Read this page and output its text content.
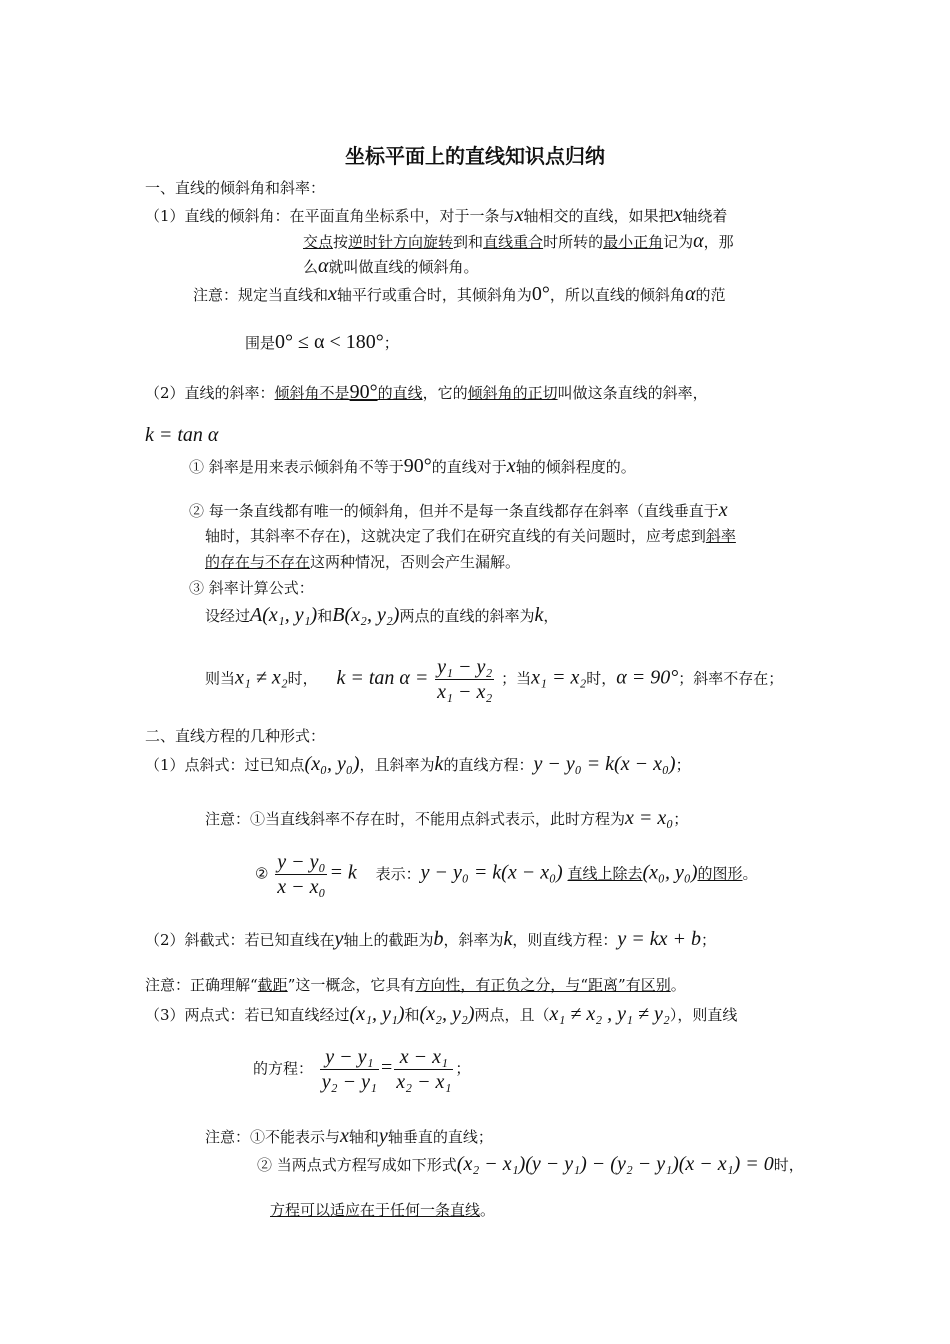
坐标平面上的直线知识点归纳
一、直线的倾斜角和斜率：
（1）直线的倾斜角：在平面直角坐标系中，对于一条与x轴相交的直线，如果把x轴绕着
交点按逆时针方向旋转到和直线重合时所转的最小正角记为α，那
么α就叫做直线的倾斜角。
注意：规定当直线和x轴平行或重合时，其倾斜角为0°，所以直线的倾斜角α的范
围是0° ≤ α < 180°；
（2）直线的斜率：倾斜角不是90°的直线，它的倾斜角的正切叫做这条直线的斜率，
k = tan α
① 斜率是用来表示倾斜角不等于90°的直线对于x轴的倾斜程度的。
② 每一条直线都有唯一的倾斜角，但并不是每一条直线都存在斜率（直线垂直于x
轴时，其斜率不存在)，这就决定了我们在研究直线的有关问题时，应考虑到斜率
的存在与不存在这两种情况，否则会产生漏解。
③ 斜率计算公式：
设经过A(x₁, y₁)和B(x₂, y₂)两点的直线的斜率为k，
则当x₁ ≠ x₂时， $k = \tan \alpha = \frac{\text{y₁ − y₂}}{\text{x₁ − x₂}}$ ；当x₁ = x₂时，α = 90°；斜率不存在；
二、直线方程的几种形式：
（1）点斜式：过已知点(x₀, y₀)，且斜率为k的直线方程：y − y₀ = k(x − x₀)；
注意：①当直线斜率不存在时，不能用点斜式表示，此时方程为x = x₀；
② $\frac{\text{y − y₀}}{\text{x − x₀}} = k$ 表示：y − y₀ = k(x − x₀) 直线上除去(x₀, y₀)的图形。
（2）斜截式：若已知直线在y轴上的截距为b，斜率为k，则直线方程：y = kx + b；
注意：正确理解“截距”这一概念，它具有方向性，有正负之分，与“距离”有区别。
（3）两点式：若已知直线经过(x₁, y₁)和(x₂, y₂)两点，且（x₁ ≠ x₂ , y₁ ≠ y₂），则直线
的方程： $\frac{\text{y − y₁}}{\text{y₂ − y₁}} = \frac{\text{x − x₁}}{\text{x₂ − x₁}}$ ；
注意：①不能表示与x轴和y轴垂直的直线；
② 当两点式方程写成如下形式(x₂ − x₁)(y − y₁) − (y₂ − y₁)(x − x₁) = 0时，
方程可以适应在于任何一条直线。
